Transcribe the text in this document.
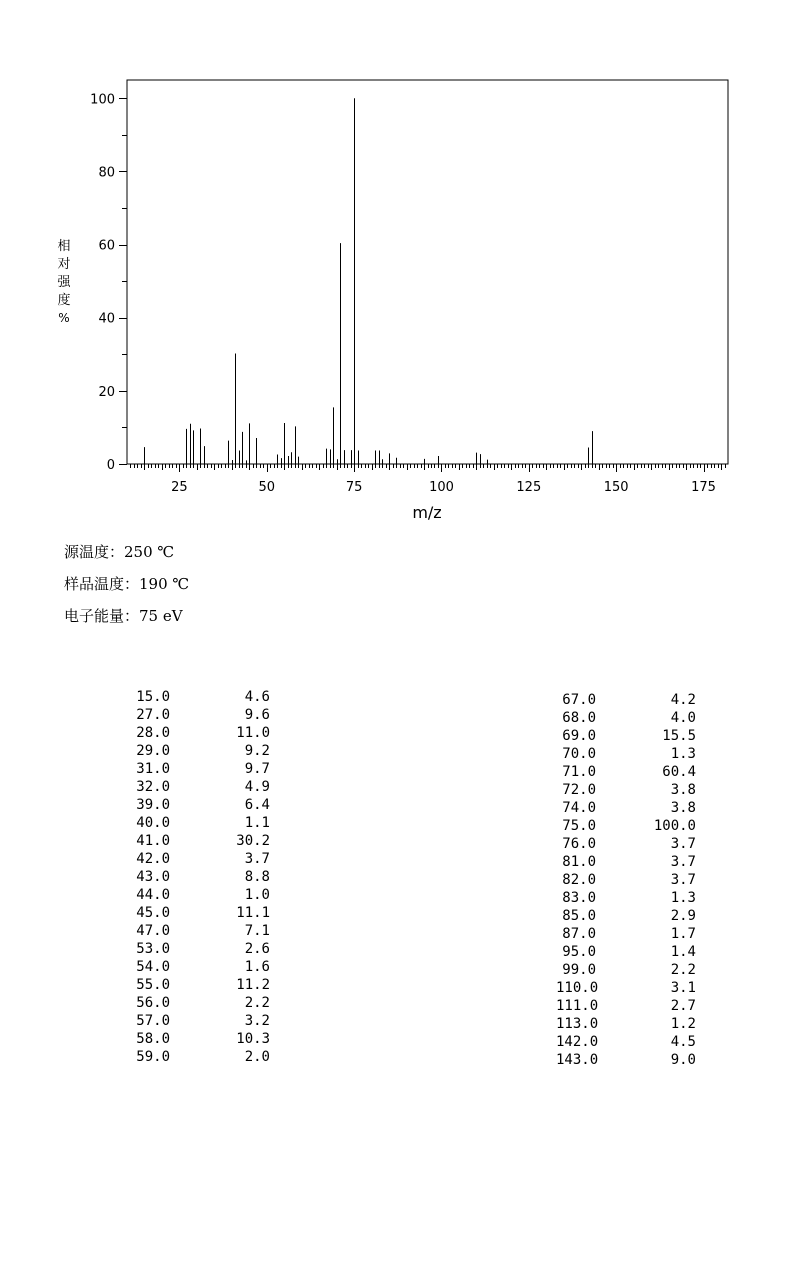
25	50	75	100	125	150	175
0
20
40
60
80
100
m/z
相对强度%
源温度：250 ℃
样品温度：190 ℃
电子能量：75 eV
15.0	4.6
27.0	9.6
28.0	11.0
29.0	9.2
31.0	9.7
32.0	4.9
39.0	6.4
40.0	1.1
41.0	30.2
42.0	3.7
43.0	8.8
44.0	1.0
45.0	11.1
47.0	7.1
53.0	2.6
54.0	1.6
55.0	11.2
56.0	2.2
57.0	3.2
58.0	10.3
59.0	2.0
67.0	4.2
68.0	4.0
69.0	15.5
70.0	1.3
71.0	60.4
72.0	3.8
74.0	3.8
75.0	100.0
76.0	3.7
81.0	3.7
82.0	3.7
83.0	1.3
85.0	2.9
87.0	1.7
95.0	1.4
99.0	2.2
110.0	3.1
111.0	2.7
113.0	1.2
142.0	4.5
143.0	9.0
